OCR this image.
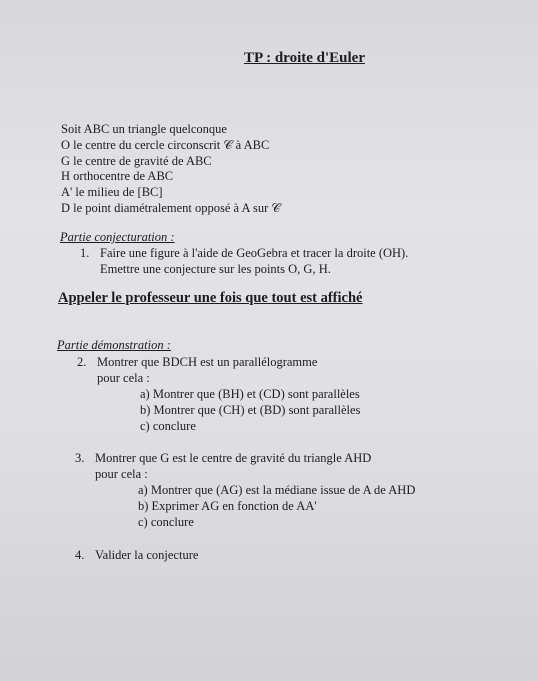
TP : droite d'Euler
Soit ABC un triangle quelconque
O le centre du cercle circonscrit 𝒞 à ABC
G le centre de gravité de ABC
H orthocentre de ABC
A' le milieu de [BC]
D le point diamétralement opposé à A sur 𝒞
Partie conjecturation :
1. Faire une figure à l'aide de GeoGebra et tracer la droite (OH).
Emettre une conjecture sur les points O, G, H.
Appeler le professeur une fois que tout est affiché
Partie démonstration :
2. Montrer que BDCH est un parallélogramme
pour cela :
a) Montrer que (BH) et (CD) sont parallèles
b) Montrer que (CH) et (BD) sont parallèles
c) conclure
3. Montrer que G est le centre de gravité du triangle AHD
pour cela :
a) Montrer que (AG) est la médiane issue de A de AHD
b) Exprimer AG en fonction de AA'
c) conclure
4. Valider la conjecture
